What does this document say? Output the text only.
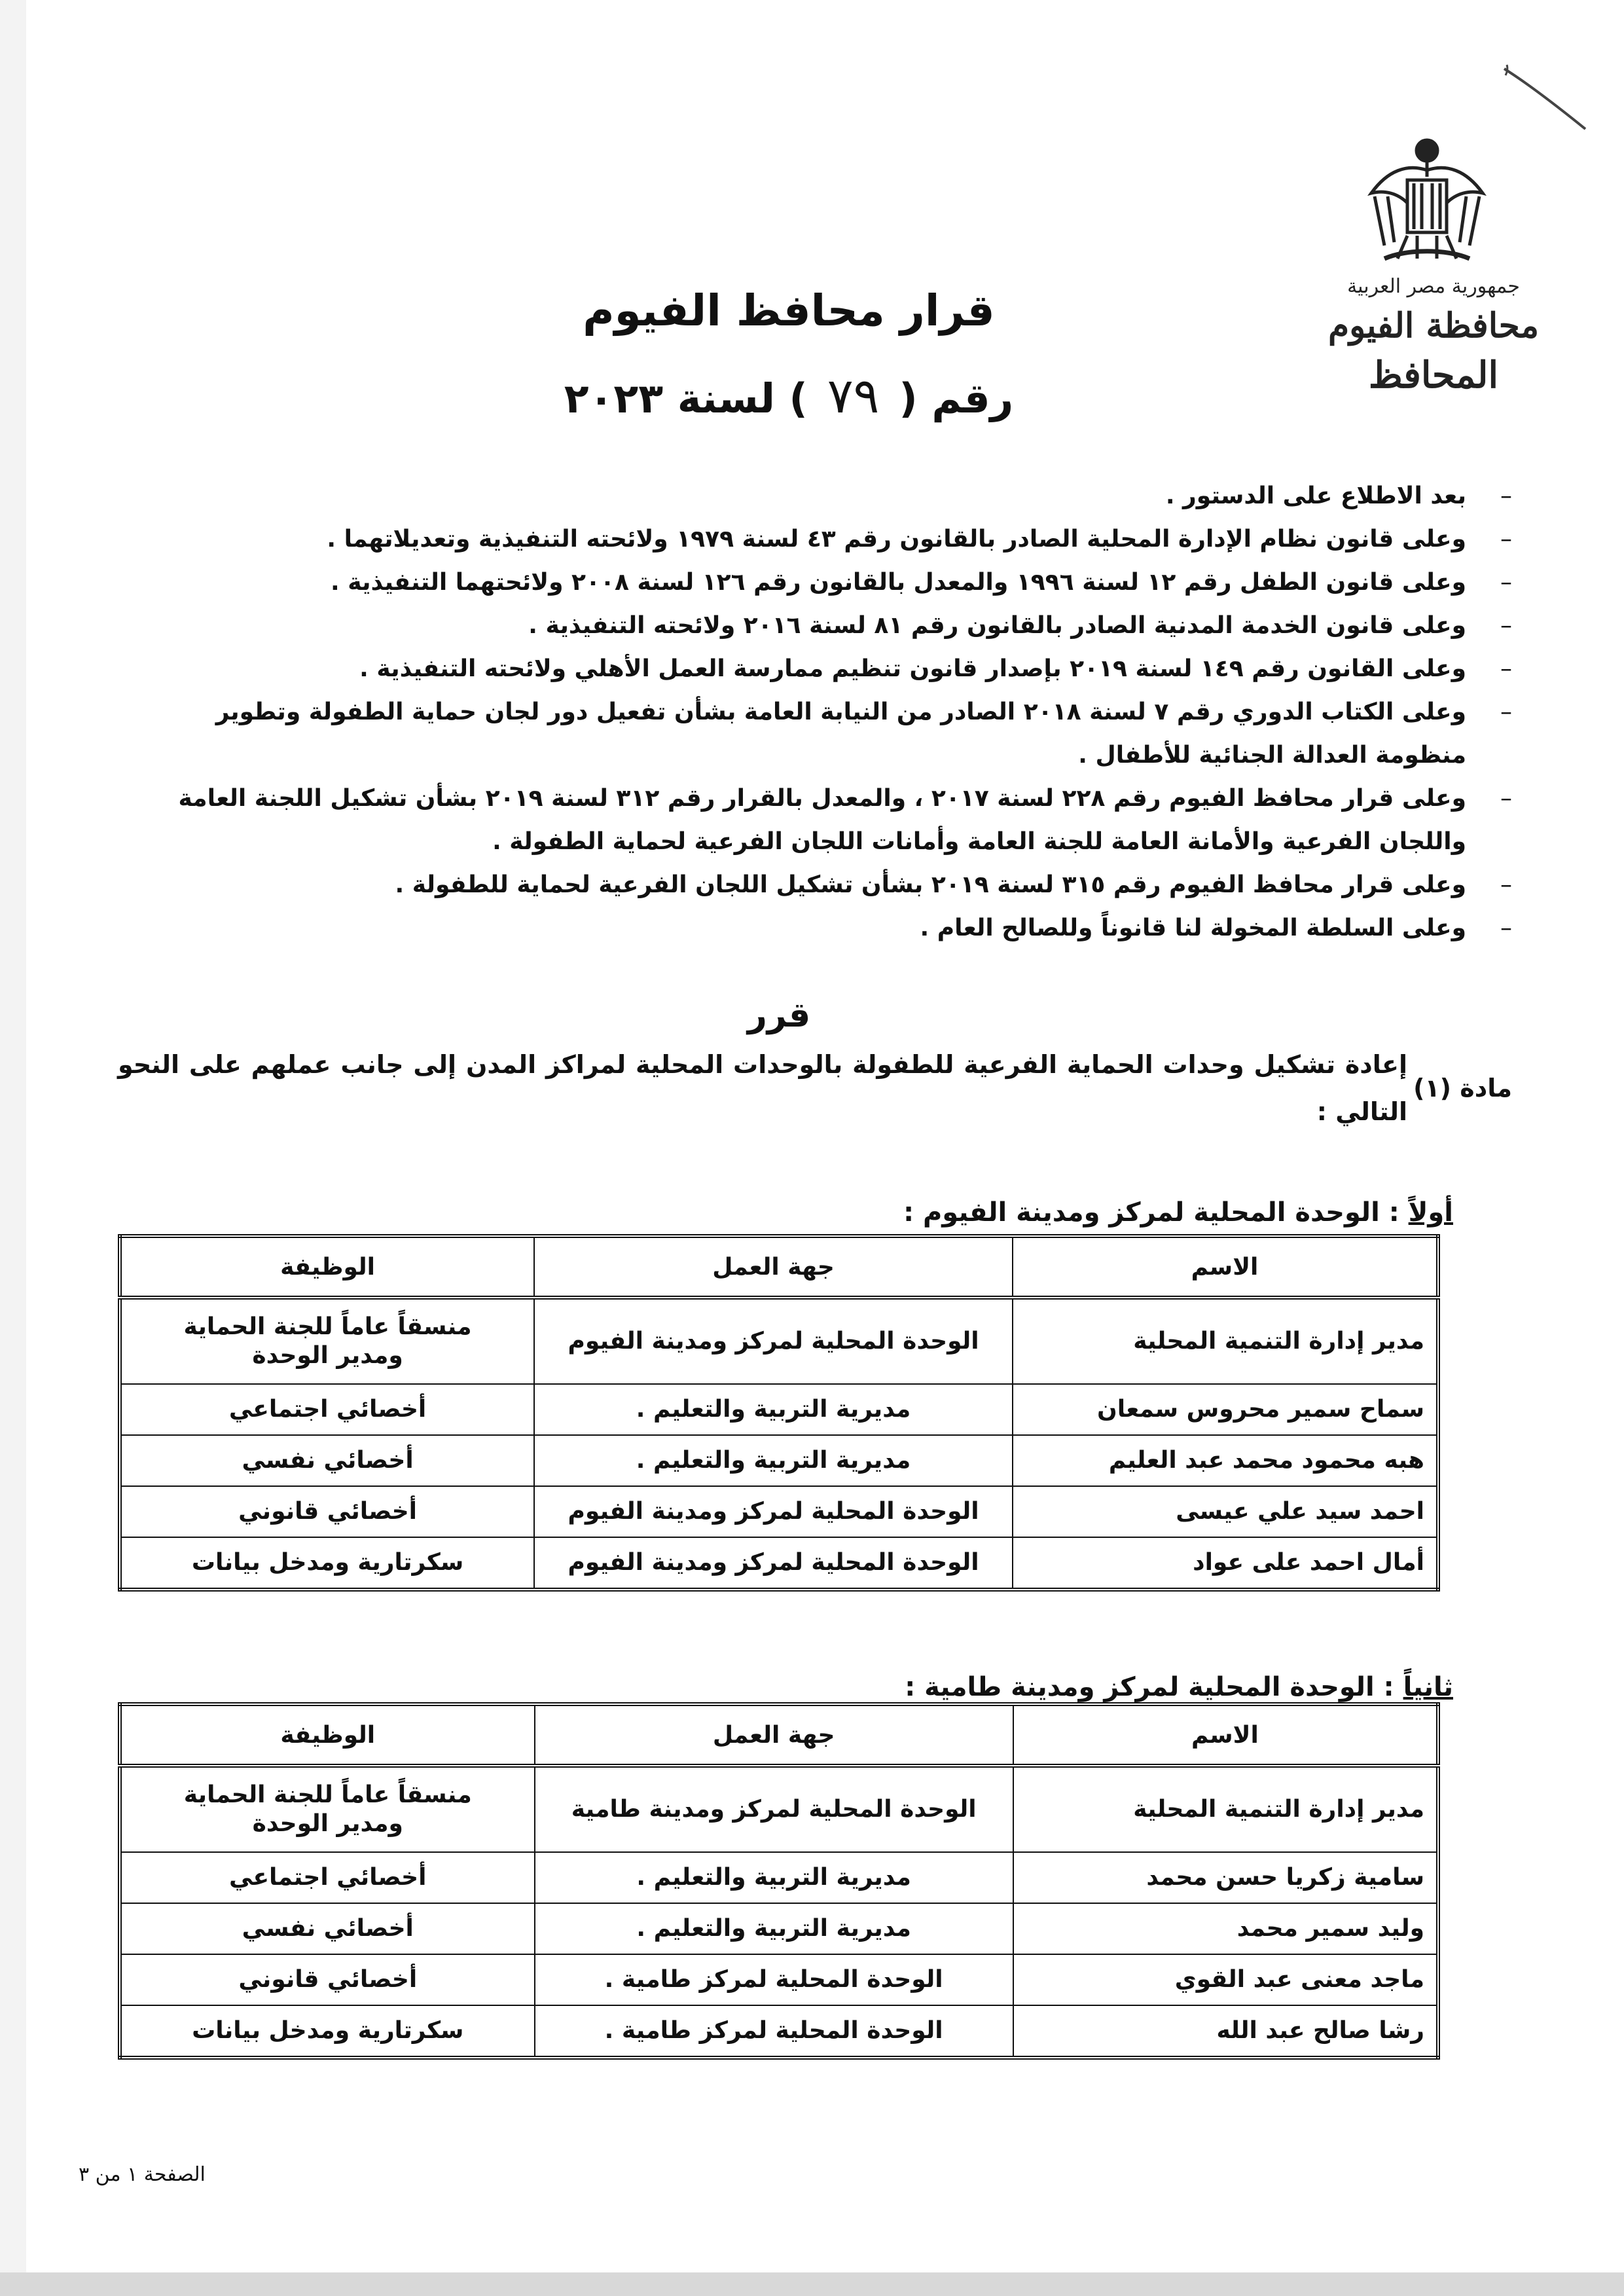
جمهورية مصر العربية
محافظة الفيوم
المحافظ
قرار محافظ الفيوم
رقم (٧٩) لسنة ٢٠٢٣
– بعد الاطلاع على الدستور .
– وعلى قانون نظام الإدارة المحلية الصادر بالقانون رقم ٤٣ لسنة ١٩٧٩ ولائحته التنفيذية وتعديلاتهما .
– وعلى قانون الطفل رقم ١٢ لسنة ١٩٩٦ والمعدل بالقانون رقم ١٢٦ لسنة ٢٠٠٨ ولائحتهما التنفيذية .
– وعلى قانون الخدمة المدنية الصادر بالقانون رقم ٨١ لسنة ٢٠١٦ ولائحته التنفيذية .
– وعلى القانون رقم ١٤٩ لسنة ٢٠١٩ بإصدار قانون تنظيم ممارسة العمل الأهلي ولائحته التنفيذية .
– وعلى الكتاب الدوري رقم ٧ لسنة ٢٠١٨ الصادر من النيابة العامة بشأن تفعيل دور لجان حماية الطفولة وتطوير منظومة العدالة الجنائية للأطفال .
– وعلى قرار محافظ الفيوم رقم ٢٢٨ لسنة ٢٠١٧ ، والمعدل بالقرار رقم ٣١٢ لسنة ٢٠١٩ بشأن تشكيل اللجنة العامة واللجان الفرعية والأمانة العامة للجنة العامة وأمانات اللجان الفرعية لحماية الطفولة .
– وعلى قرار محافظ الفيوم رقم ٣١٥ لسنة ٢٠١٩ بشأن تشكيل اللجان الفرعية لحماية للطفولة .
– وعلى السلطة المخولة لنا قانوناً وللصالح العام .
قرر
مادة (١)
إعادة تشكيل وحدات الحماية الفرعية للطفولة بالوحدات المحلية لمراكز المدن إلى جانب عملهم على النحو التالي :
أولاً : الوحدة المحلية لمركز ومدينة الفيوم :
الاسم	جهة العمل	الوظيفة
مدير إدارة التنمية المحلية	الوحدة المحلية لمركز ومدينة الفيوم	منسقاً عاماً للجنة الحماية
ومدير الوحدة

سماح سمير محروس سمعان	مديرية التربية والتعليم .	أخصائي اجتماعي
هبه محمود محمد عبد العليم	مديرية التربية والتعليم .	أخصائي نفسي
احمد سيد علي عيسى	الوحدة المحلية لمركز ومدينة الفيوم	أخصائي قانوني
أمال احمد على عواد	الوحدة المحلية لمركز ومدينة الفيوم	سكرتارية ومدخل بيانات
ثانياً : الوحدة المحلية لمركز ومدينة طامية :
الاسم	جهة العمل	الوظيفة
مدير إدارة التنمية المحلية	الوحدة المحلية لمركز ومدينة طامية	منسقاً عاماً للجنة الحماية
ومدير الوحدة

سامية زكريا حسن محمد	مديرية التربية والتعليم .	أخصائي اجتماعي
وليد سمير محمد	مديرية التربية والتعليم .	أخصائي نفسي
ماجد معنى عبد القوي	الوحدة المحلية لمركز طامية .	أخصائي قانوني
رشا صالح عبد الله	الوحدة المحلية لمركز طامية .	سكرتارية ومدخل بيانات
الصفحة ١ من ٣
